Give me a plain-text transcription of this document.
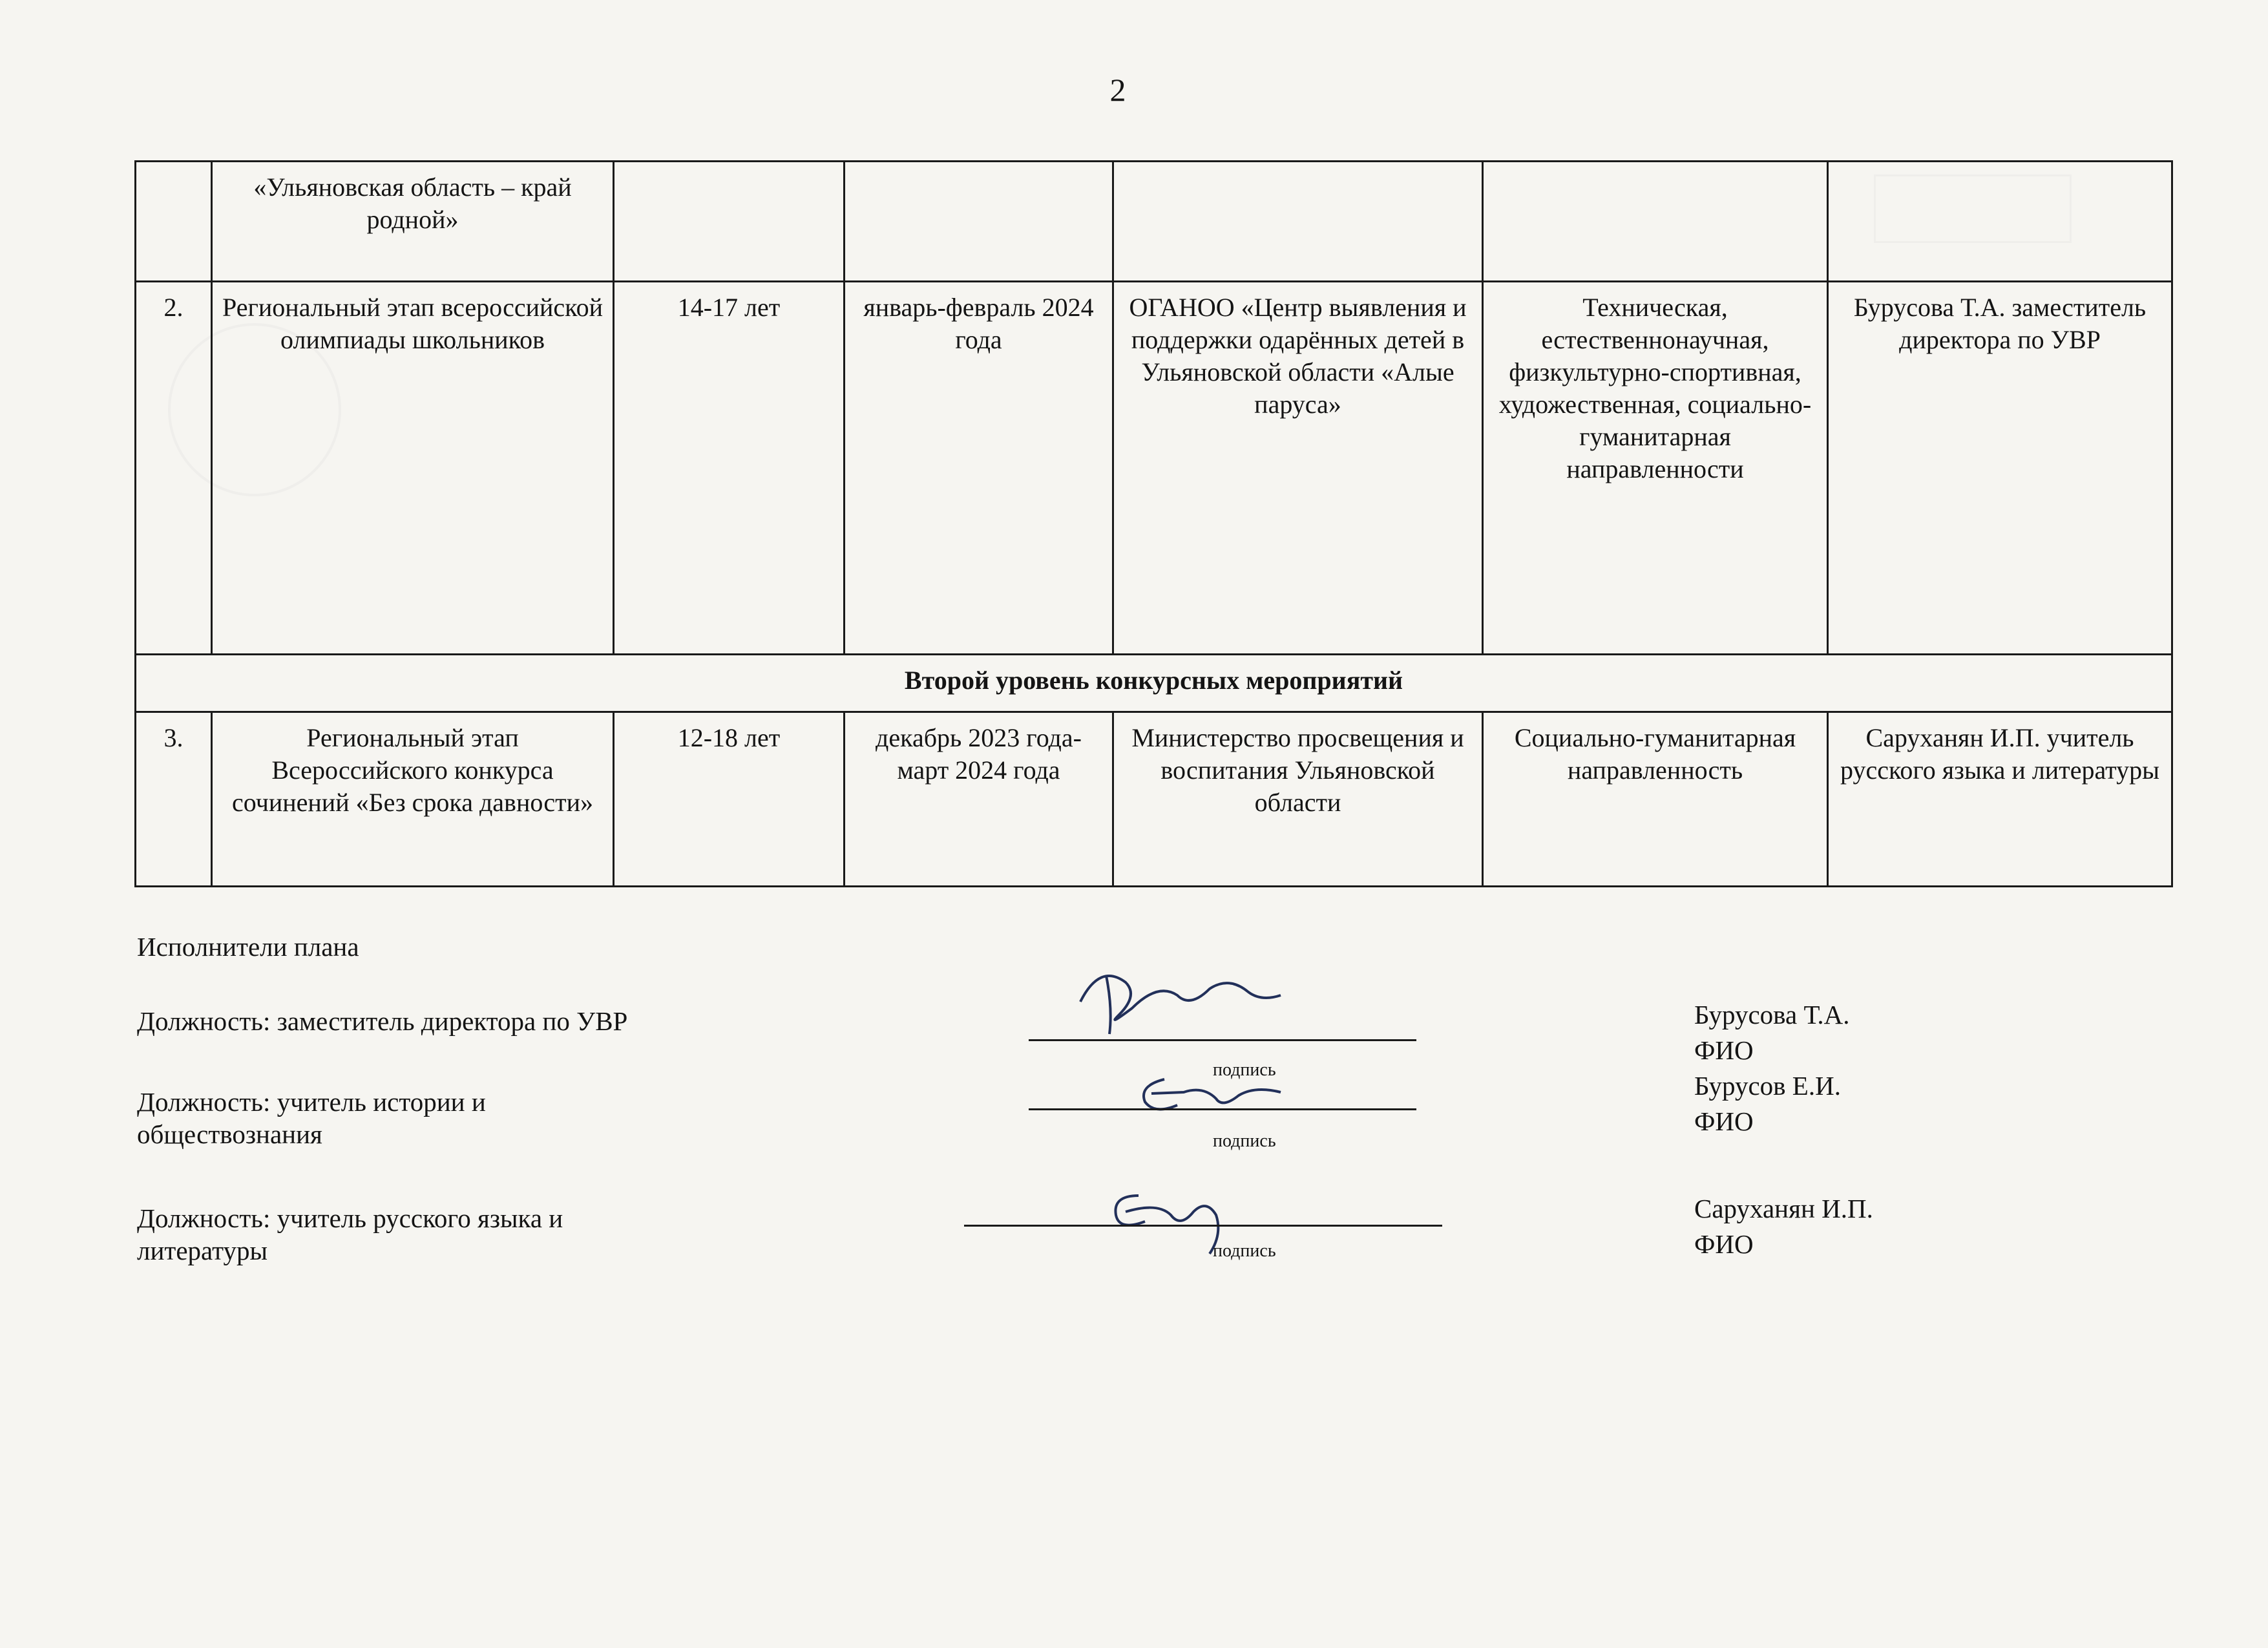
2
	«Ульяновская область – край родной»					
2.	Региональный этап всероссийской олимпиады школьников	14-17 лет	январь-февраль 2024 года	ОГАНОО «Центр выявления и поддержки одарённых детей в Ульяновской области «Алые паруса»	Техническая, естественнонаучная, физкультурно-спортивная, художественная, социально-гуманитарная направленности	Бурусова Т.А. заместитель директора по УВР
Второй уровень конкурсных мероприятий						
3.	Региональный этап Всероссийского конкурса сочинений «Без срока давности»	12-18 лет	декабрь 2023 года-март 2024 года	Министерство просвещения и воспитания Ульяновской области	Социально-гуманитарная направленность	Саруханян И.П. учитель русского языка и литературы
Исполнители плана
Должность: заместитель директора по УВР
подпись
Бурусова Т.А.
ФИО
Должность: учитель истории и
обществознания	подпись
Бурусов Е.И.
ФИО
Должность: учитель русского языка и
литературы	подпись
Саруханян И.П.
ФИО
